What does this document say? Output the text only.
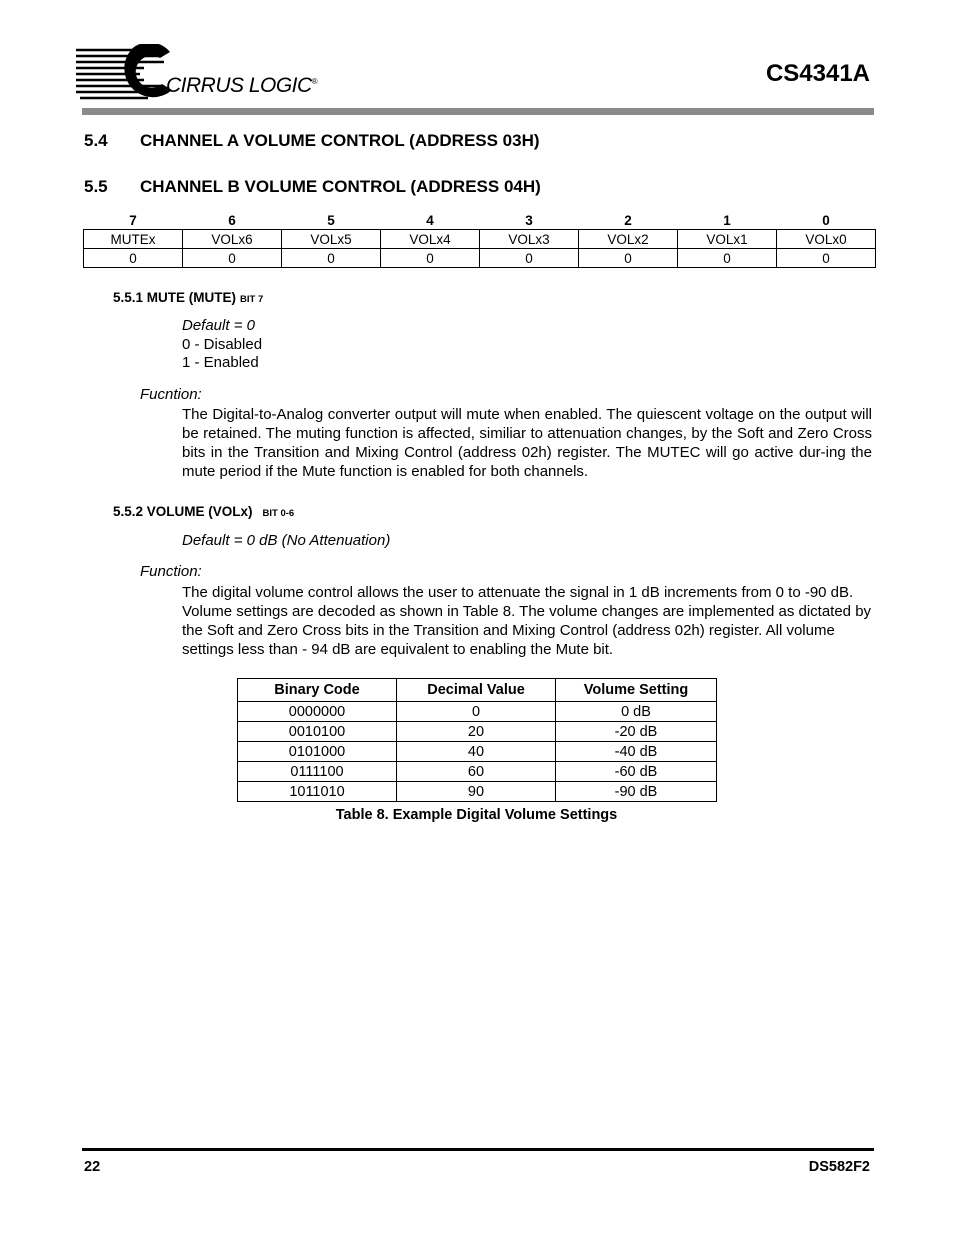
CIRRUS LOGIC®	CS4341A
5.4 CHANNEL A VOLUME CONTROL (ADDRESS 03H)
5.5 CHANNEL B VOLUME CONTROL (ADDRESS 04H)
7	6	5	4	3	2	1	0
MUTEx	VOLx6	VOLx5	VOLx4	VOLx3	VOLx2	VOLx1	VOLx0
0	0	0	0	0	0	0	0
5.5.1 MUTE (MUTE) BIT 7
Default = 0
0 - Disabled
1 - Enabled
Fucntion:
The Digital-to-Analog converter output will mute when enabled. The quiescent voltage on the output will be retained. The muting function is affected, similiar to attenuation changes, by the Soft and Zero Cross bits in the Transition and Mixing Control (address 02h) register. The MUTEC will go active dur-ing the mute period if the Mute function is enabled for both channels.
5.5.2 VOLUME (VOLx) BIT 0-6
Default = 0 dB (No Attenuation)
Function:
The digital volume control allows the user to attenuate the signal in 1 dB increments from 0 to -90 dB. Volume settings are decoded as shown in Table 8. The volume changes are implemented as dictated by the Soft and Zero Cross bits in the Transition and Mixing Control (address 02h) register. All volume settings less than - 94 dB are equivalent to enabling the Mute bit.
Binary Code	Decimal Value	Volume Setting
0000000	0	0 dB
0010100	20	-20 dB
0101000	40	-40 dB
0111100	60	-60 dB
1011010	90	-90 dB
Table 8. Example Digital Volume Settings
22	DS582F2
